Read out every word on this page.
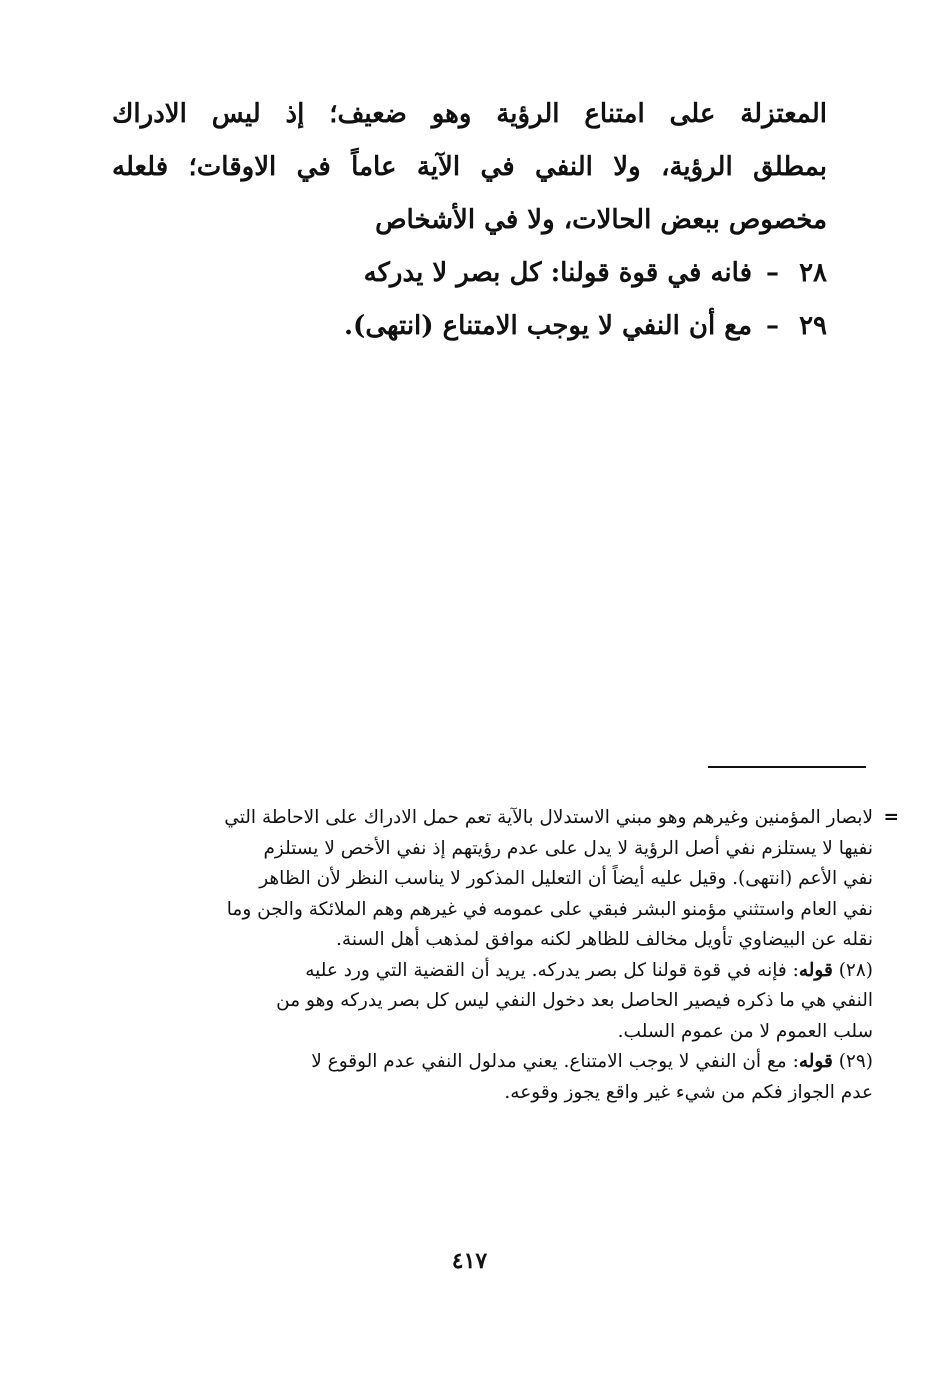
المعتزلة على امتناع الرؤية وهو ضعيف؛ إذ ليس الادراك

بمطلق الرؤية، ولا النفي في الآية عاماً في الاوقات؛ فلعله

مخصوص ببعض الحالات، ولا في الأشخاص

٢٨–فانه في قوة قولنا: كل بصر لا يدركه

٢٩–مع أن النفي لا يوجب الامتناع (انتهى).

=

لابصار المؤمنين وغيرهم وهو مبني الاستدلال بالآية تعم حمل الادراك على الاحاطة التي

نفيها لا يستلزم نفي أصل الرؤية لا يدل على عدم رؤيتهم إذ نفي الأخص لا يستلزم

نفي الأعم (انتهى). وقيل عليه أيضاً أن التعليل المذكور لا يناسب النظر لأن الظاهر

نفي العام واستثني مؤمنو البشر فبقي على عمومه في غيرهم وهم الملائكة والجن وما

نقله عن البيضاوي تأويل مخالف للظاهر لكنه موافق لمذهب أهل السنة.

(٢٨) قوله: فإنه في قوة قولنا كل بصر يدركه. يريد أن القضية التي ورد عليه

النفي هي ما ذكره فيصير الحاصل بعد دخول النفي ليس كل بصر يدركه وهو من

سلب العموم لا من عموم السلب.

(٢٩) قوله: مع أن النفي لا يوجب الامتناع. يعني مدلول النفي عدم الوقوع لا

عدم الجواز فكم من شيء غير واقع يجوز وقوعه.

٤١٧
